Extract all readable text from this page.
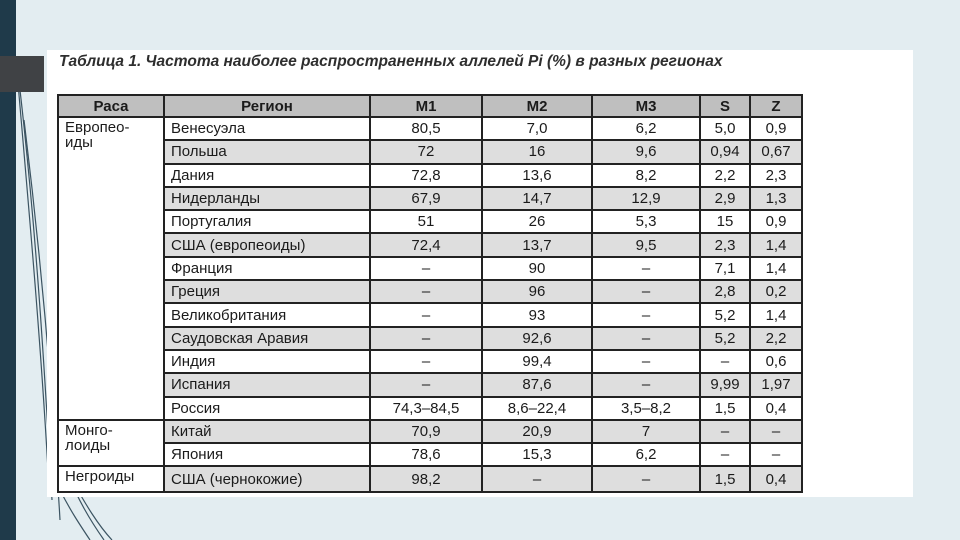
Таблица 1. Частота наиболее распространенных аллелей Pi (%) в разных регионах
Раса	Регион	M1	M2	M3	S	Z
Европео-
иды	Венесуэла	80,5	7,0	6,2	5,0	0,9
	Польша	72	16	9,6	0,94	0,67
	Дания	72,8	13,6	8,2	2,2	2,3
	Нидерланды	67,9	14,7	12,9	2,9	1,3
	Португалия	51	26	5,3	15	0,9
	США (европеоиды)	72,4	13,7	9,5	2,3	1,4
	Франция	–	90	–	7,1	1,4
	Греция	–	96	–	2,8	0,2
	Великобритания	–	93	–	5,2	1,4
	Саудовская Аравия	–	92,6	–	5,2	2,2
	Индия	–	99,4	–	–	0,6
	Испания	–	87,6	–	9,99	1,97
	Россия	74,3–84,5	8,6–22,4	3,5–8,2	1,5	0,4
Монго-
лоиды	Китай	70,9	20,9	7	–	–
	Япония	78,6	15,3	6,2	–	–
Негроиды	США (чернокожие)	98,2	–	–	1,5	0,4
